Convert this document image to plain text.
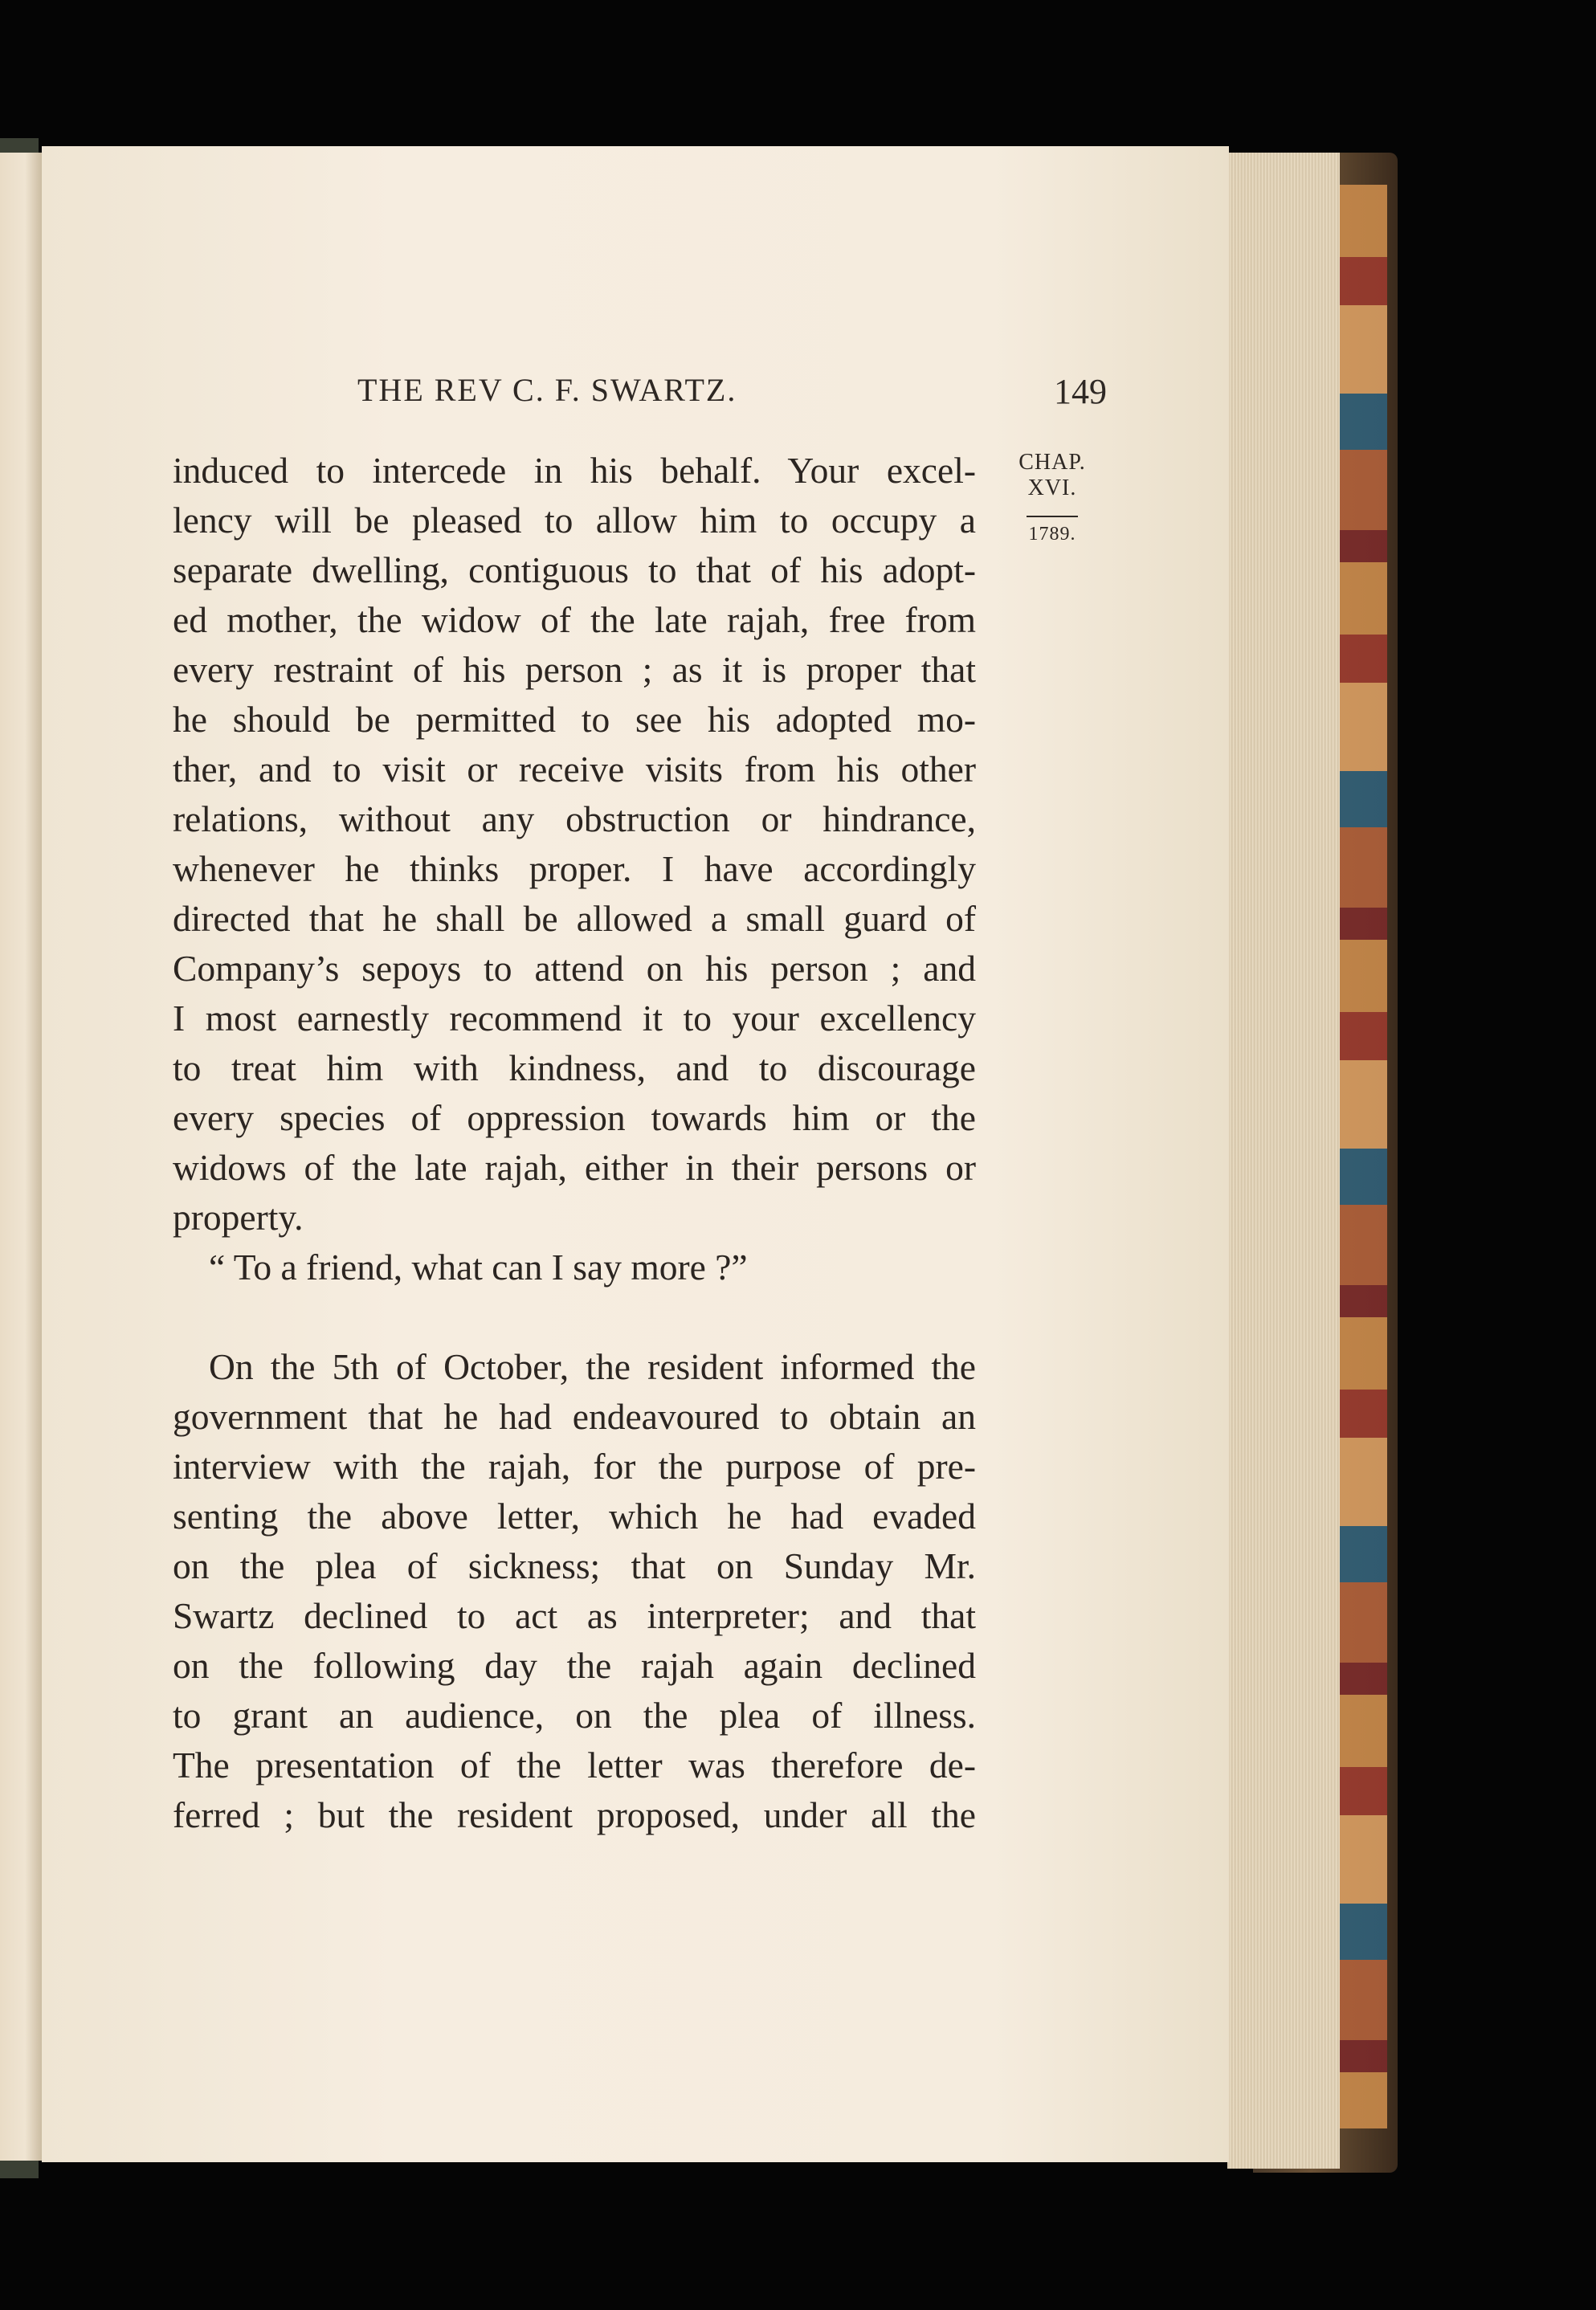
THE REV C. F. SWARTZ.	149
CHAP.
XVI.
1789.
induced to intercede in his behalf. Your excel-
lency will be pleased to allow him to occupy a
separate dwelling, contiguous to that of his adopt-
ed mother, the widow of the late rajah, free from
every restraint of his person ; as it is proper that
he should be permitted to see his adopted mo-
ther, and to visit or receive visits from his other
relations, without any obstruction or hindrance,
whenever he thinks proper. I have accordingly
directed that he shall be allowed a small guard of
Company’s sepoys to attend on his person ; and
I most earnestly recommend it to your excellency
to treat him with kindness, and to discourage
every species of oppression towards him or the
widows of the late rajah, either in their persons or
property.
“ To a friend, what can I say more ?”
On the 5th of October, the resident informed the
government that he had endeavoured to obtain an
interview with the rajah, for the purpose of pre-
senting the above letter, which he had evaded
on the plea of sickness; that on Sunday Mr.
Swartz declined to act as interpreter; and that
on the following day the rajah again declined
to grant an audience, on the plea of illness.
The presentation of the letter was therefore de-
ferred ; but the resident proposed, under all the
